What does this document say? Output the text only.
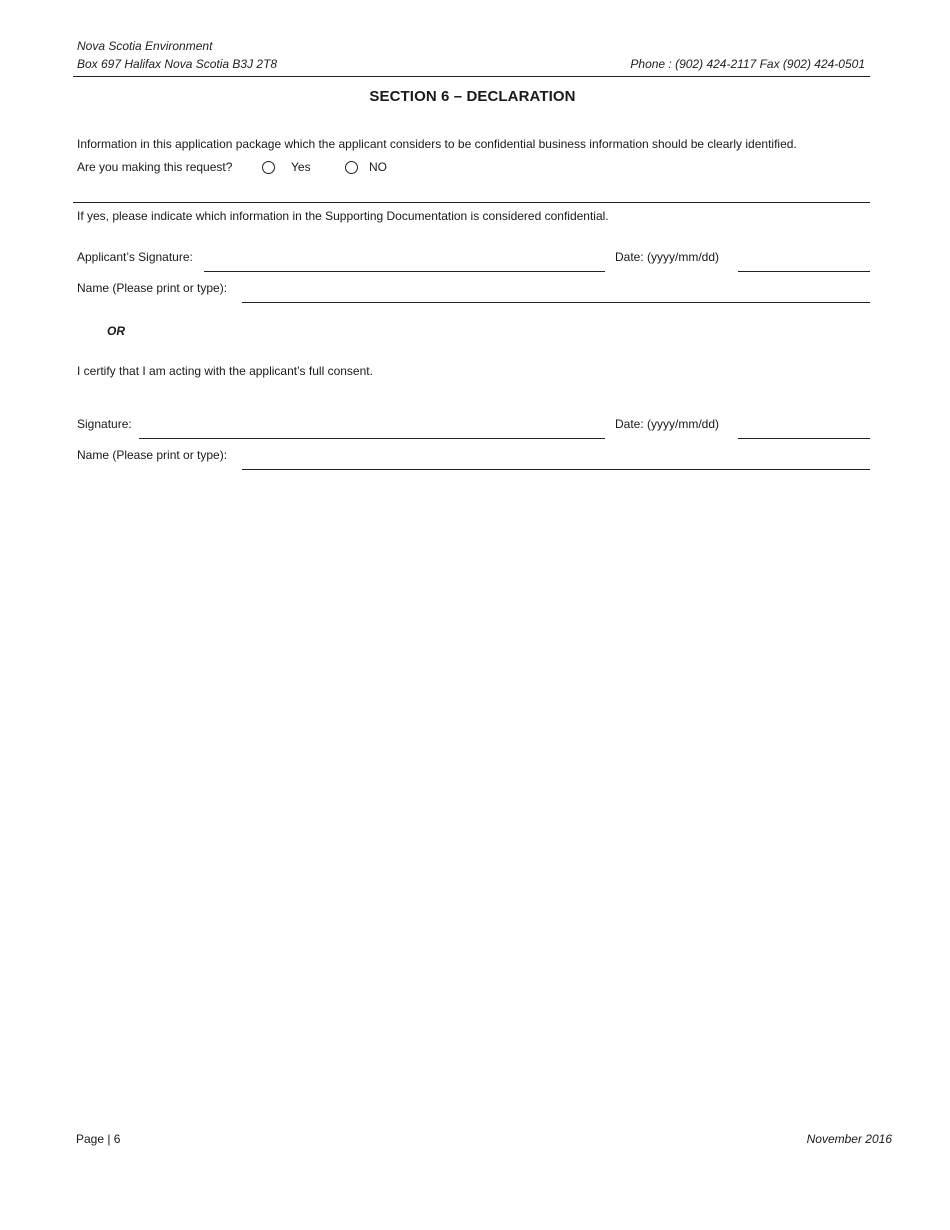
Nova Scotia Environment
Box 697 Halifax Nova Scotia B3J 2T8	Phone : (902) 424-2117 Fax (902) 424-0501
SECTION 6 – DECLARATION
Information in this application package which the applicant considers to be confidential business information should be clearly identified.
Are you making this request?	Yes	NO
If yes, please indicate which information in the Supporting Documentation is considered confidential.
Applicant’s Signature:	Date: (yyyy/mm/dd)
Name (Please print or type):
OR
I certify that I am acting with the applicant’s full consent.
Signature:	Date: (yyyy/mm/dd)
Name (Please print or type):
Page | 6	November 2016
